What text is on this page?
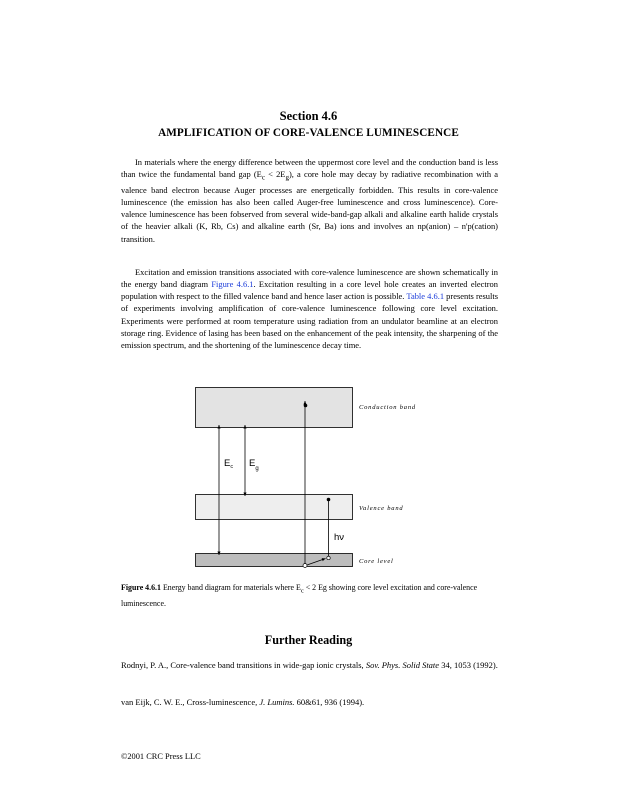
Section 4.6
AMPLIFICATION OF CORE-VALENCE LUMINESCENCE

In materials where the energy difference between the uppermost core level and the conduction band is less than twice the fundamental band gap $(E_c < 2E_g)$, a core hole may decay by radiative recombination with a valence band electron because Auger processes are energetically forbidden. This results in core-valence luminescence (the emission has also been called Auger-free luminescence and cross luminescence). Core-valence luminescence has been fobserved from several wide-band-gap alkali and alkaline earth halide crystals of the heavier alkali (K, Rb, Cs) and alkaline earth (Sr, Ba) ions and involves an np(anion) – n'p(cation) transition.

Excitation and emission transitions associated with core-valence luminescence are shown schematically in the energy band diagram Figure 4.6.1. Excitation resulting in a core level hole creates an inverted electron population with respect to the filled valence band and hence laser action is possible. Table 4.6.1 presents results of experiments involving amplification of core-valence luminescence following core level excitation. Experiments were performed at room temperature using radiation from an undulator beamline at an electron storage ring. Evidence of lasing has been based on the enhancement of the peak intensity, the sharpening of the emission spectrum, and the shortening of the luminescence decay time.

$E_c$ $E_g$
hν
Conduction band
Valence band
Core level
Figure 4.6.1 Energy band diagram for materials where $E_c < 2$ Eg showing core level excitation and core-valence luminescence.
Further Reading
Rodnyi, P. A., Core-valence band transitions in wide-gap ionic crystals, Sov. Phys. Solid State 34, 1053 (1992).
van Eijk, C. W. E., Cross-luminescence, J. Lumins. 60&61, 936 (1994).
©2001 CRC Press LLC
